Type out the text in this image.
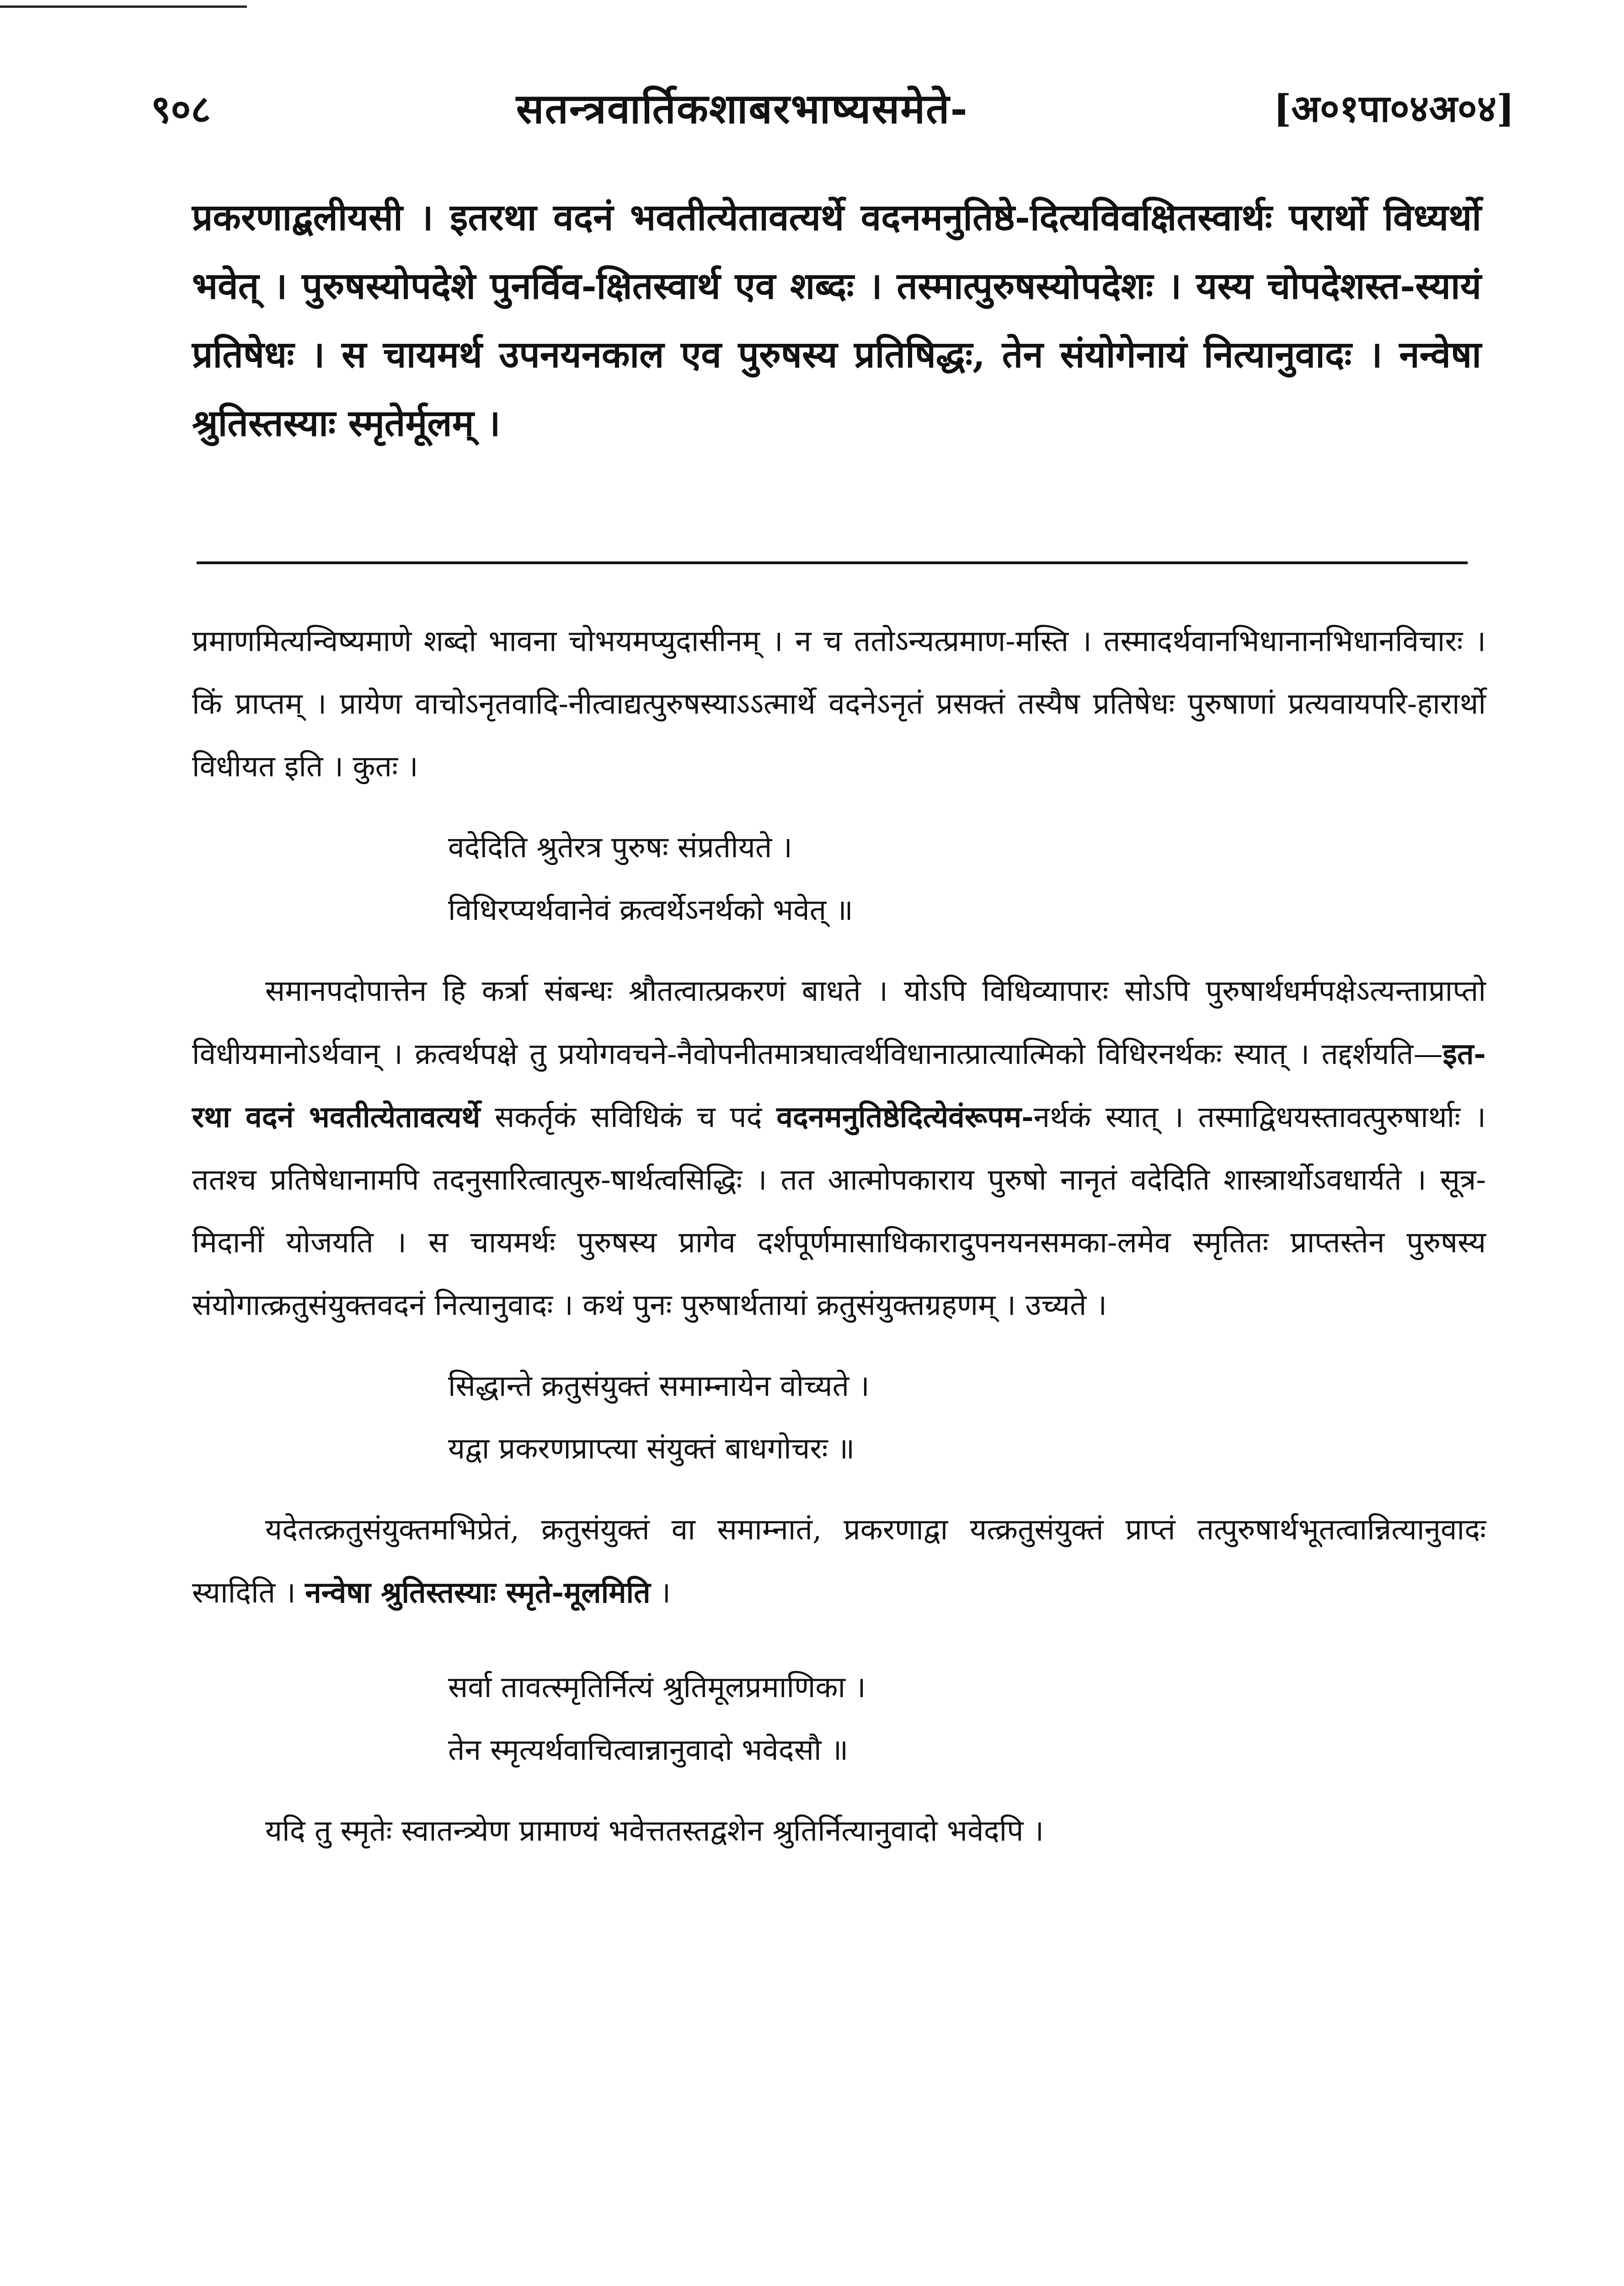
९०८	सतन्त्रवार्तिकशाबरभाष्यसमेते-	[अ०१पा०४अ०४]
प्रकरणाद्बलीयसी । इतरथा वदनं भवतीत्येतावत्यर्थे वदनमनुतिष्ठे-दित्यविवक्षितस्वार्थः परार्थो विध्यर्थो भवेत् । पुरुषस्योपदेशे पुनर्विव-क्षितस्वार्थ एव शब्दः । तस्मात्पुरुषस्योपदेशः । यस्य चोपदेशस्त-स्यायं प्रतिषेधः । स चायमर्थ उपनयनकाल एव पुरुषस्य प्रतिषिद्धः, तेन संयोगेनायं नित्यानुवादः । नन्वेषा श्रुतिस्तस्याः स्मृतेर्मूलम् ।

प्रमाणमित्यन्विष्यमाणे शब्दो भावना चोभयमप्युदासीनम् । न च ततोऽन्यत्प्रमाण-मस्ति । तस्मादर्थवानभिधानानभिधानविचारः । किं प्राप्तम् । प्रायेण वाचोऽनृतवादि-नीत्वाद्यत्पुरुषस्याऽऽत्मार्थे वदनेऽनृतं प्रसक्तं तस्यैष प्रतिषेधः पुरुषाणां प्रत्यवायपरि-हारार्थो विधीयत इति । कुतः ।

वदेदिति श्रुतेरत्र पुरुषः संप्रतीयते ।
विधिरप्यर्थवानेवं क्रत्वर्थेऽनर्थको भवेत् ॥

समानपदोपात्तेन हि कर्त्रा संबन्धः श्रौतत्वात्प्रकरणं बाधते । योऽपि विधिव्यापारः सोऽपि पुरुषार्थधर्मपक्षेऽत्यन्ताप्राप्तो विधीयमानोऽर्थवान् । क्रत्वर्थपक्षे तु प्रयोगवचने-नैवोपनीतमात्रघात्वर्थविधानात्प्रात्यात्मिको विधिरनर्थकः स्यात् । तद्दर्शयति—इत-रथा वदनं भवतीत्येतावत्यर्थे सकर्तृकं सविधिकं च पदं वदनमनुतिष्ठेदित्येवंरूपम-नर्थकं स्यात् । तस्माद्विधयस्तावत्पुरुषार्थाः । ततश्च प्रतिषेधानामपि तदनुसारित्वात्पुरु-षार्थत्वसिद्धिः । तत आत्मोपकाराय पुरुषो नानृतं वदेदिति शास्त्रार्थोऽवधार्यते । सूत्र-मिदानीं योजयति । स चायमर्थः पुरुषस्य प्रागेव दर्शपूर्णमासाधिकारादुपनयनसमका-लमेव स्मृतितः प्राप्तस्तेन पुरुषस्य संयोगात्क्रतुसंयुक्तवदनं नित्यानुवादः । कथं पुनः पुरुषार्थतायां क्रतुसंयुक्तग्रहणम् । उच्यते ।

सिद्धान्ते क्रतुसंयुक्तं समाम्नायेन वोच्यते ।
यद्वा प्रकरणप्राप्त्या संयुक्तं बाधगोचरः ॥

यदेतत्क्रतुसंयुक्तमभिप्रेतं, क्रतुसंयुक्तं वा समाम्नातं, प्रकरणाद्वा यत्क्रतुसंयुक्तं प्राप्तं तत्पुरुषार्थभूतत्वान्नित्यानुवादः स्यादिति । नन्वेषा श्रुतिस्तस्याः स्मृते-मूलमिति ।

सर्वा तावत्स्मृतिर्नित्यं श्रुतिमूलप्रमाणिका ।
तेन स्मृत्यर्थवाचित्वान्नानुवादो भवेदसौ ॥

यदि तु स्मृतेः स्वातन्त्र्येण प्रामाण्यं भवेत्ततस्तद्वशेन श्रुतिर्नित्यानुवादो भवेदपि ।
